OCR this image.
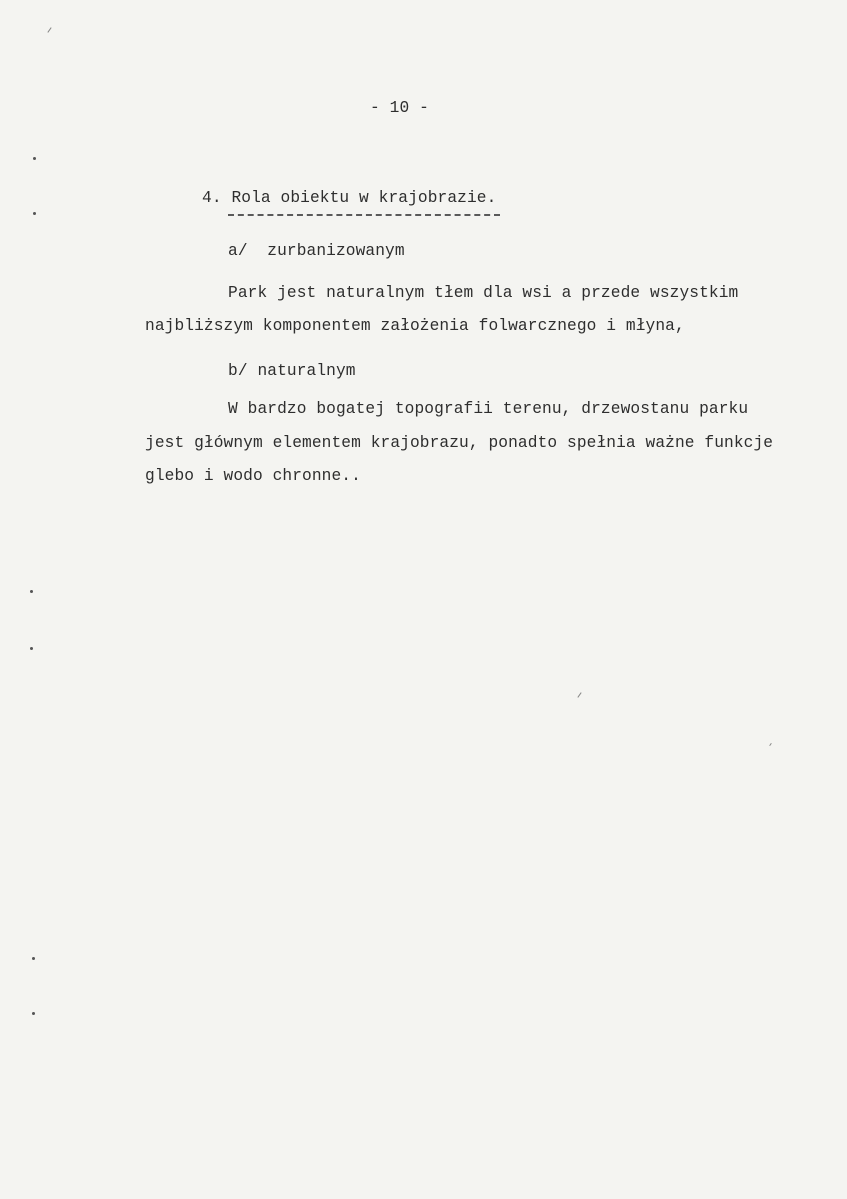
- 10 -
4. Rola obiektu w krajobrazie.
a/  zurbanizowanym
Park jest naturalnym tłem dla wsi a przede wszystkim
najbliższym komponentem założenia folwarcznego i młyna,
b/ naturalnym
W bardzo bogatej topografii terenu, drzewostanu parku
jest głównym elementem krajobrazu, ponadto spełnia ważne funkcje
glebo i wodo chronne..
